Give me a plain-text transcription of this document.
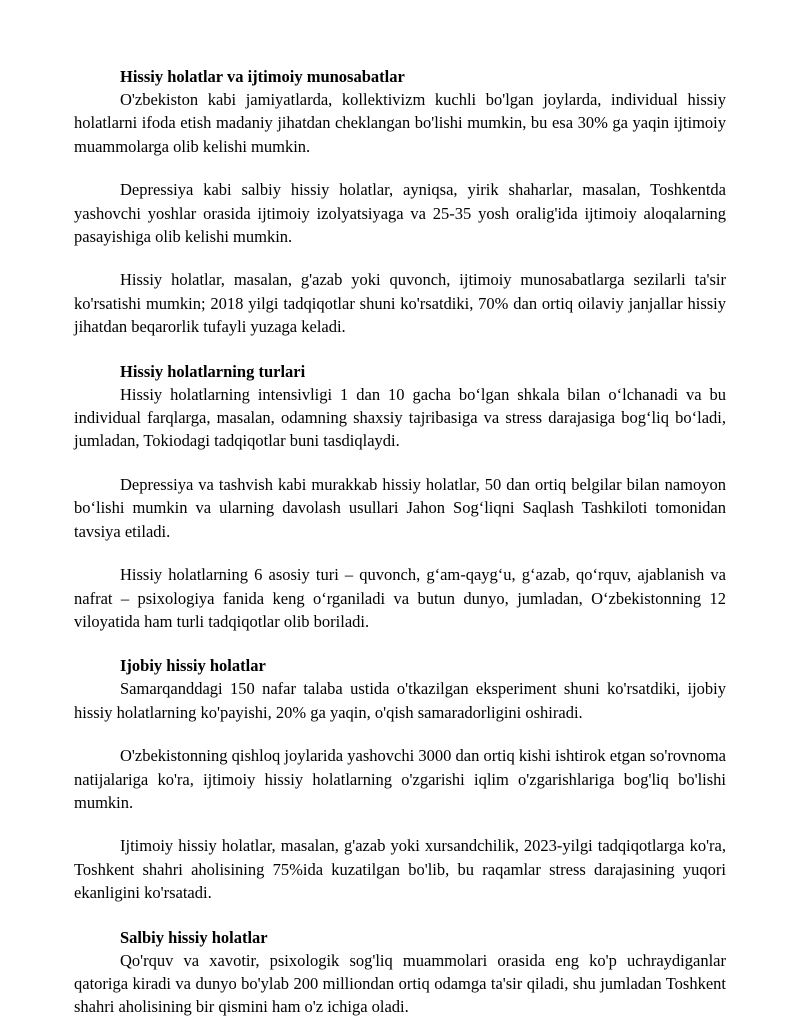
Hissiy holatlar va ijtimoiy munosabatlar

O'zbekiston kabi jamiyatlarda, kollektivizm kuchli bo'lgan joylarda, individual hissiy holatlarni ifoda etish madaniy jihatdan cheklangan bo'lishi mumkin, bu esa 30% ga yaqin ijtimoiy muammolarga olib kelishi mumkin.

Depressiya kabi salbiy hissiy holatlar, ayniqsa, yirik shaharlar, masalan, Toshkentda yashovchi yoshlar orasida ijtimoiy izolyatsiyaga va 25-35 yosh oralig'ida ijtimoiy aloqalarning pasayishiga olib kelishi mumkin.

Hissiy holatlar, masalan, g'azab yoki quvonch, ijtimoiy munosabatlarga sezilarli ta'sir ko'rsatishi mumkin; 2018 yilgi tadqiqotlar shuni ko'rsatdiki, 70% dan ortiq oilaviy janjallar hissiy jihatdan beqarorlik tufayli yuzaga keladi.

Hissiy holatlarning turlari

Hissiy holatlarning intensivligi 1 dan 10 gacha bo‘lgan shkala bilan o‘lchanadi va bu individual farqlarga, masalan, odamning shaxsiy tajribasiga va stress darajasiga bog‘liq bo‘ladi, jumladan, Tokiodagi tadqiqotlar buni tasdiqlaydi.

Depressiya va tashvish kabi murakkab hissiy holatlar, 50 dan ortiq belgilar bilan namoyon bo‘lishi mumkin va ularning davolash usullari Jahon Sog‘liqni Saqlash Tashkiloti tomonidan tavsiya etiladi.

Hissiy holatlarning 6 asosiy turi – quvonch, g‘am-qayg‘u, g‘azab, qo‘rquv, ajablanish va nafrat – psixologiya fanida keng o‘rganiladi va butun dunyo, jumladan, O‘zbekistonning 12 viloyatida ham turli tadqiqotlar olib boriladi.

Ijobiy hissiy holatlar

Samarqanddagi 150 nafar talaba ustida o'tkazilgan eksperiment shuni ko'rsatdiki, ijobiy hissiy holatlarning ko'payishi, 20% ga yaqin, o'qish samaradorligini oshiradi.

O'zbekistonning qishloq joylarida yashovchi 3000 dan ortiq kishi ishtirok etgan so'rovnoma natijalariga ko'ra, ijtimoiy hissiy holatlarning o'zgarishi iqlim o'zgarishlariga bog'liq bo'lishi mumkin.

Ijtimoiy hissiy holatlar, masalan, g'azab yoki xursandchilik, 2023-yilgi tadqiqotlarga ko'ra, Toshkent shahri aholisining 75%ida kuzatilgan bo'lib, bu raqamlar stress darajasining yuqori ekanligini ko'rsatadi.

Salbiy hissiy holatlar

Qo'rquv va xavotir, psixologik sog'liq muammolari orasida eng ko'p uchraydiganlar qatoriga kiradi va dunyo bo'ylab 200 milliondan ortiq odamga ta'sir qiladi, shu jumladan Toshkent shahri aholisining bir qismini ham o'z ichiga oladi.
